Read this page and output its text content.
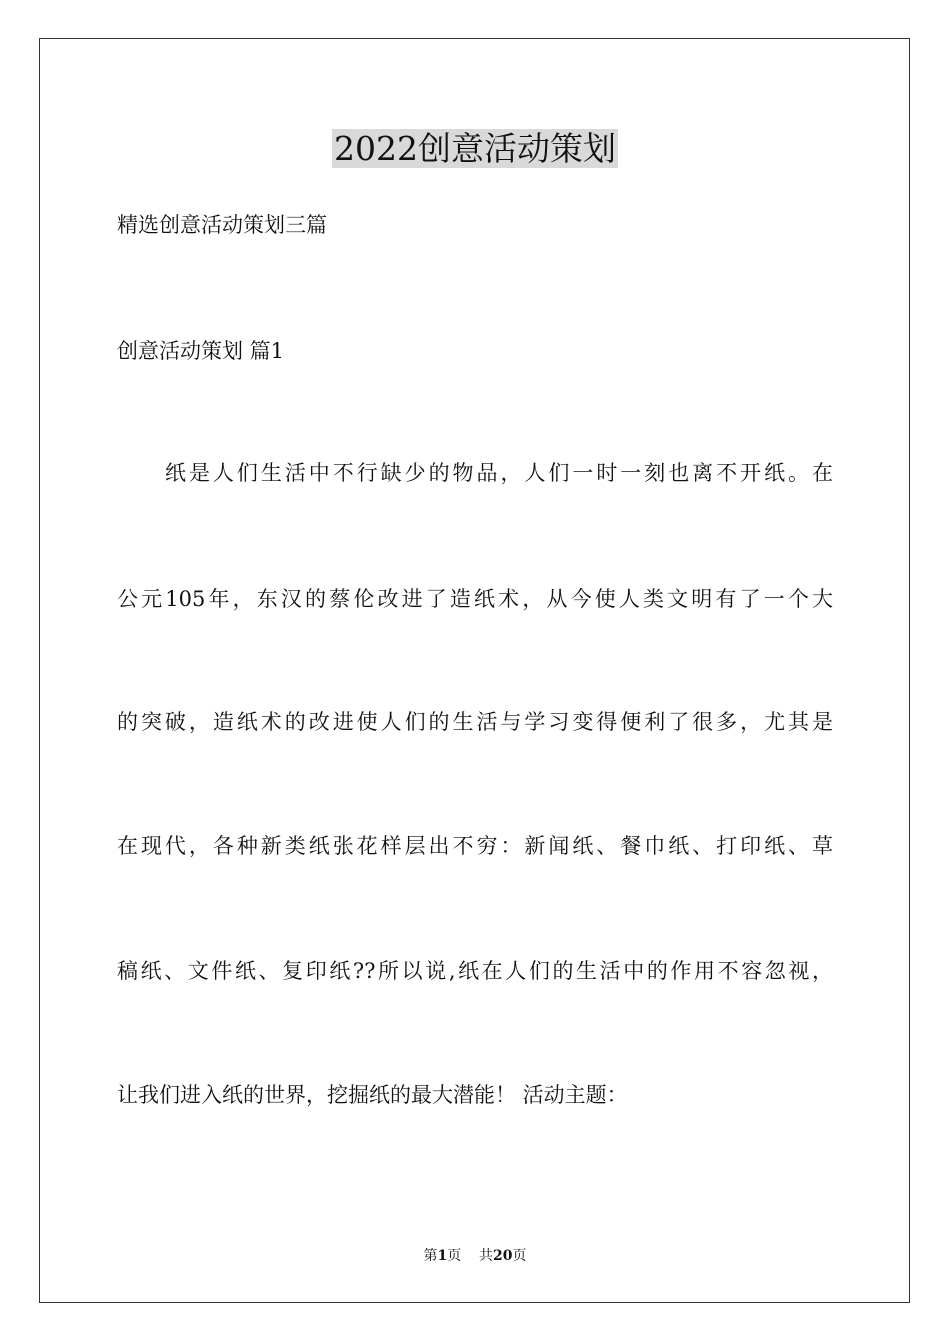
2022创意活动策划
精选创意活动策划三篇
创意活动策划 篇1
纸是人们生活中不行缺少的物品，人们一时一刻也离不开纸。在
公元105年，东汉的蔡伦改进了造纸术，从今使人类文明有了一个大
的突破，造纸术的改进使人们的生活与学习变得便利了很多，尤其是
在现代，各种新类纸张花样层出不穷：新闻纸、餐巾纸、打印纸、草
稿纸、文件纸、复印纸??所以说,纸在人们的生活中的作用不容忽视，
让我们进入纸的世界，挖掘纸的最大潜能！ 活动主题：
第1页 共20页
